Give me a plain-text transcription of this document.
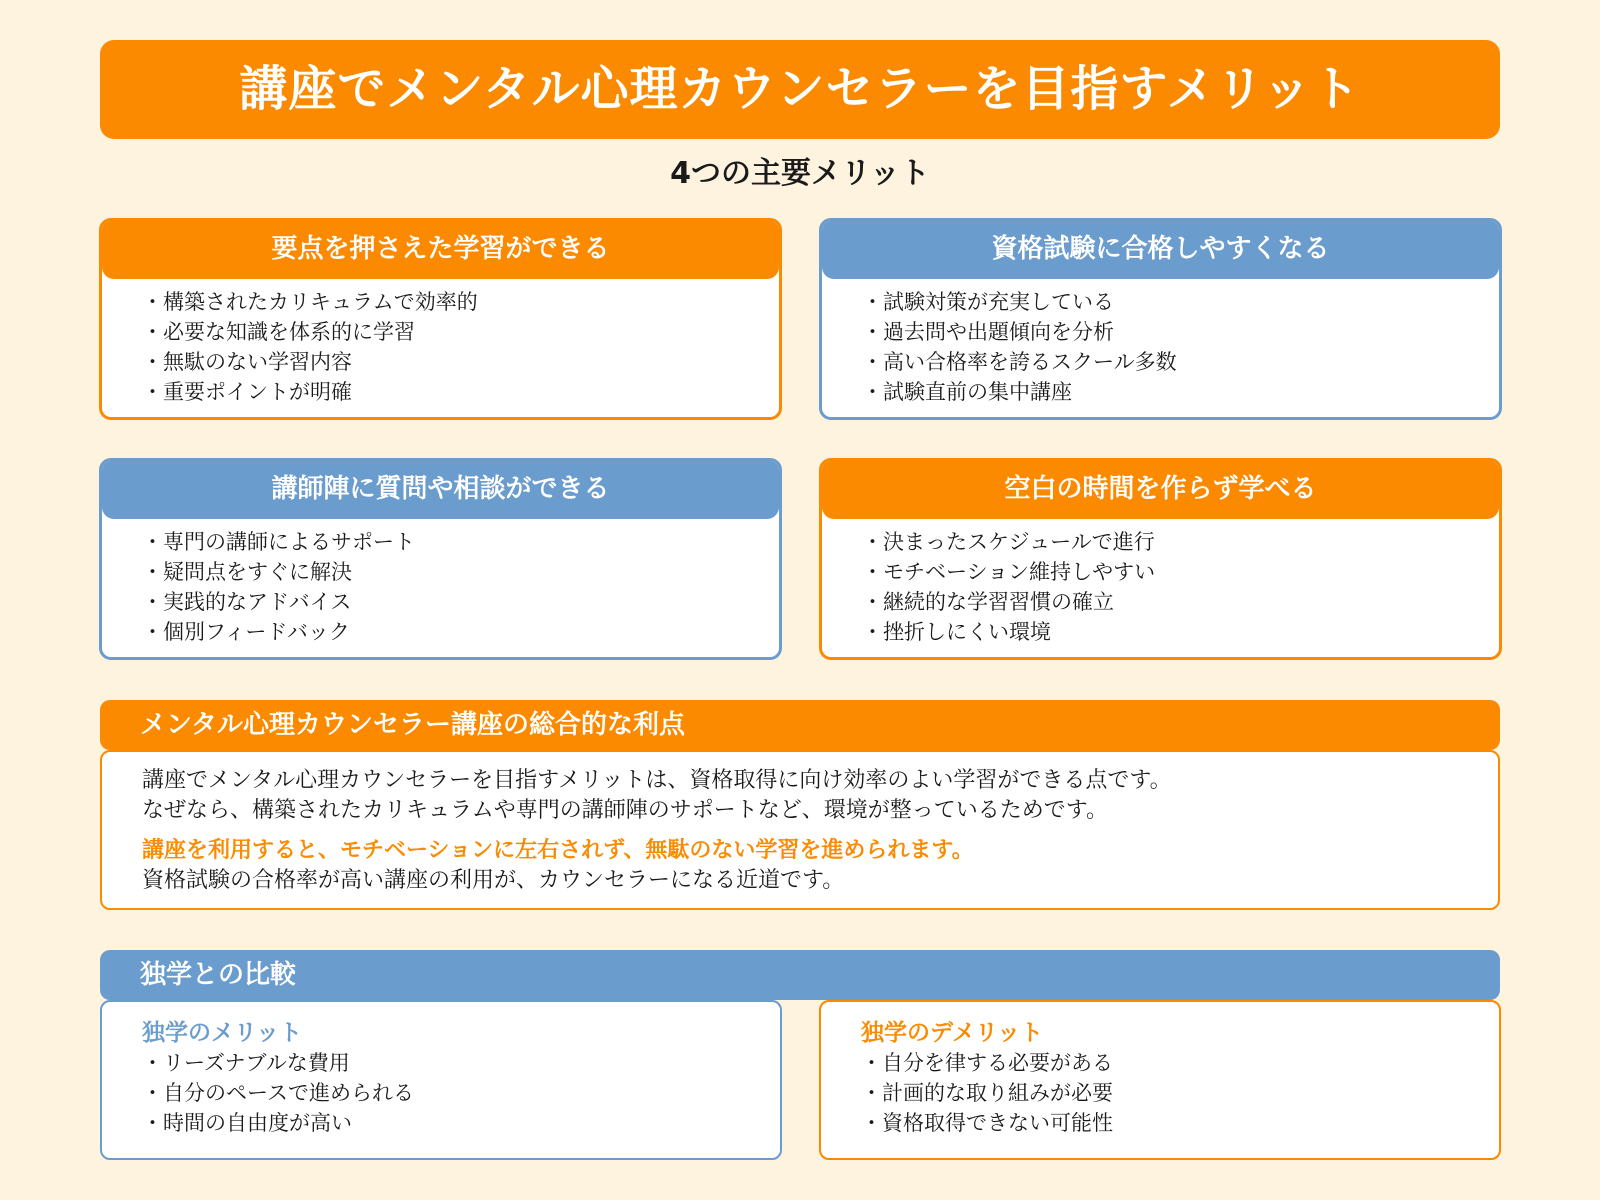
講座でメンタル心理カウンセラーを目指すメリット
4つの主要メリット
要点を押さえた学習ができる
・構築されたカリキュラムで効率的
・必要な知識を体系的に学習
・無駄のない学習内容
・重要ポイントが明確
資格試験に合格しやすくなる
・試験対策が充実している
・過去問や出題傾向を分析
・高い合格率を誇るスクール多数
・試験直前の集中講座
講師陣に質問や相談ができる
・専門の講師によるサポート
・疑問点をすぐに解決
・実践的なアドバイス
・個別フィードバック
空白の時間を作らず学べる
・決まったスケジュールで進行
・モチベーション維持しやすい
・継続的な学習習慣の確立
・挫折しにくい環境
メンタル心理カウンセラー講座の総合的な利点
講座でメンタル心理カウンセラーを目指すメリットは、資格取得に向け効率のよい学習ができる点です。
なぜなら、構築されたカリキュラムや専門の講師陣のサポートなど、環境が整っているためです。
講座を利用すると、モチベーションに左右されず、無駄のない学習を進められます。
資格試験の合格率が高い講座の利用が、カウンセラーになる近道です。
独学との比較
独学のメリット
・リーズナブルな費用
・自分のペースで進められる
・時間の自由度が高い
独学のデメリット
・自分を律する必要がある
・計画的な取り組みが必要
・資格取得できない可能性
